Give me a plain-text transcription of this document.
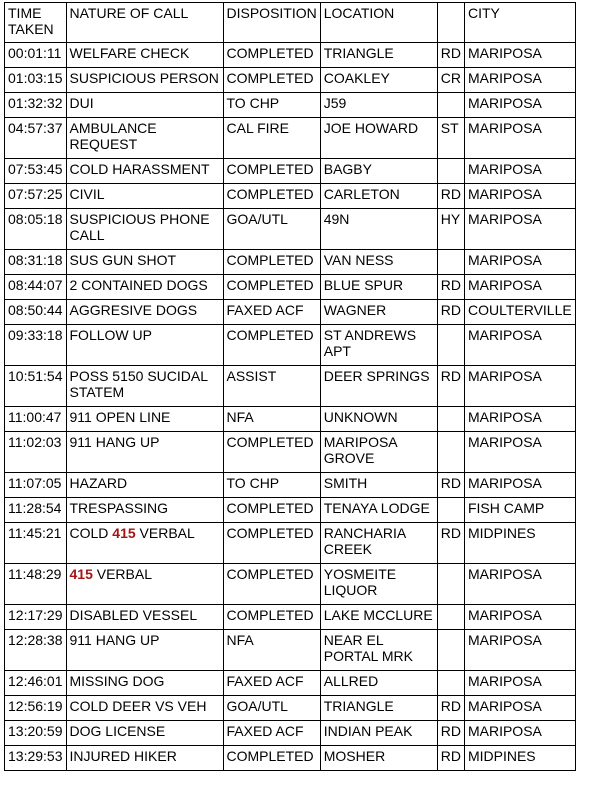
TIME TAKEN	NATURE OF CALL	DISPOSITION	LOCATION		CITY
00:01:11	WELFARE CHECK	COMPLETED	TRIANGLE	RD	MARIPOSA
01:03:15	SUSPICIOUS PERSON	COMPLETED	COAKLEY	CR	MARIPOSA
01:32:32	DUI	TO CHP	J59		MARIPOSA
04:57:37	AMBULANCE REQUEST	CAL FIRE	JOE HOWARD	ST	MARIPOSA
07:53:45	COLD HARASSMENT	COMPLETED	BAGBY		MARIPOSA
07:57:25	CIVIL	COMPLETED	CARLETON	RD	MARIPOSA
08:05:18	SUSPICIOUS PHONE CALL	GOA/UTL	49N	HY	MARIPOSA
08:31:18	SUS GUN SHOT	COMPLETED	VAN NESS		MARIPOSA
08:44:07	2 CONTAINED DOGS	COMPLETED	BLUE SPUR	RD	MARIPOSA
08:50:44	AGGRESIVE DOGS	FAXED ACF	WAGNER	RD	COULTERVILLE
09:33:18	FOLLOW UP	COMPLETED	ST ANDREWS APT		MARIPOSA
10:51:54	POSS 5150 SUCIDAL STATEM	ASSIST	DEER SPRINGS	RD	MARIPOSA
11:00:47	911 OPEN LINE	NFA	UNKNOWN		MARIPOSA
11:02:03	911 HANG UP	COMPLETED	MARIPOSA GROVE		MARIPOSA
11:07:05	HAZARD	TO CHP	SMITH	RD	MARIPOSA
11:28:54	TRESPASSING	COMPLETED	TENAYA LODGE		FISH CAMP
11:45:21	COLD 415 VERBAL	COMPLETED	RANCHARIA CREEK	RD	MIDPINES
11:48:29	415 VERBAL	COMPLETED	YOSMEITE LIQUOR		MARIPOSA
12:17:29	DISABLED VESSEL	COMPLETED	LAKE MCCLURE		MARIPOSA
12:28:38	911 HANG UP	NFA	NEAR EL PORTAL MRK		MARIPOSA
12:46:01	MISSING DOG	FAXED ACF	ALLRED		MARIPOSA
12:56:19	COLD DEER VS VEH	GOA/UTL	TRIANGLE	RD	MARIPOSA
13:20:59	DOG LICENSE	FAXED ACF	INDIAN PEAK	RD	MARIPOSA
13:29:53	INJURED HIKER	COMPLETED	MOSHER	RD	MIDPINES
